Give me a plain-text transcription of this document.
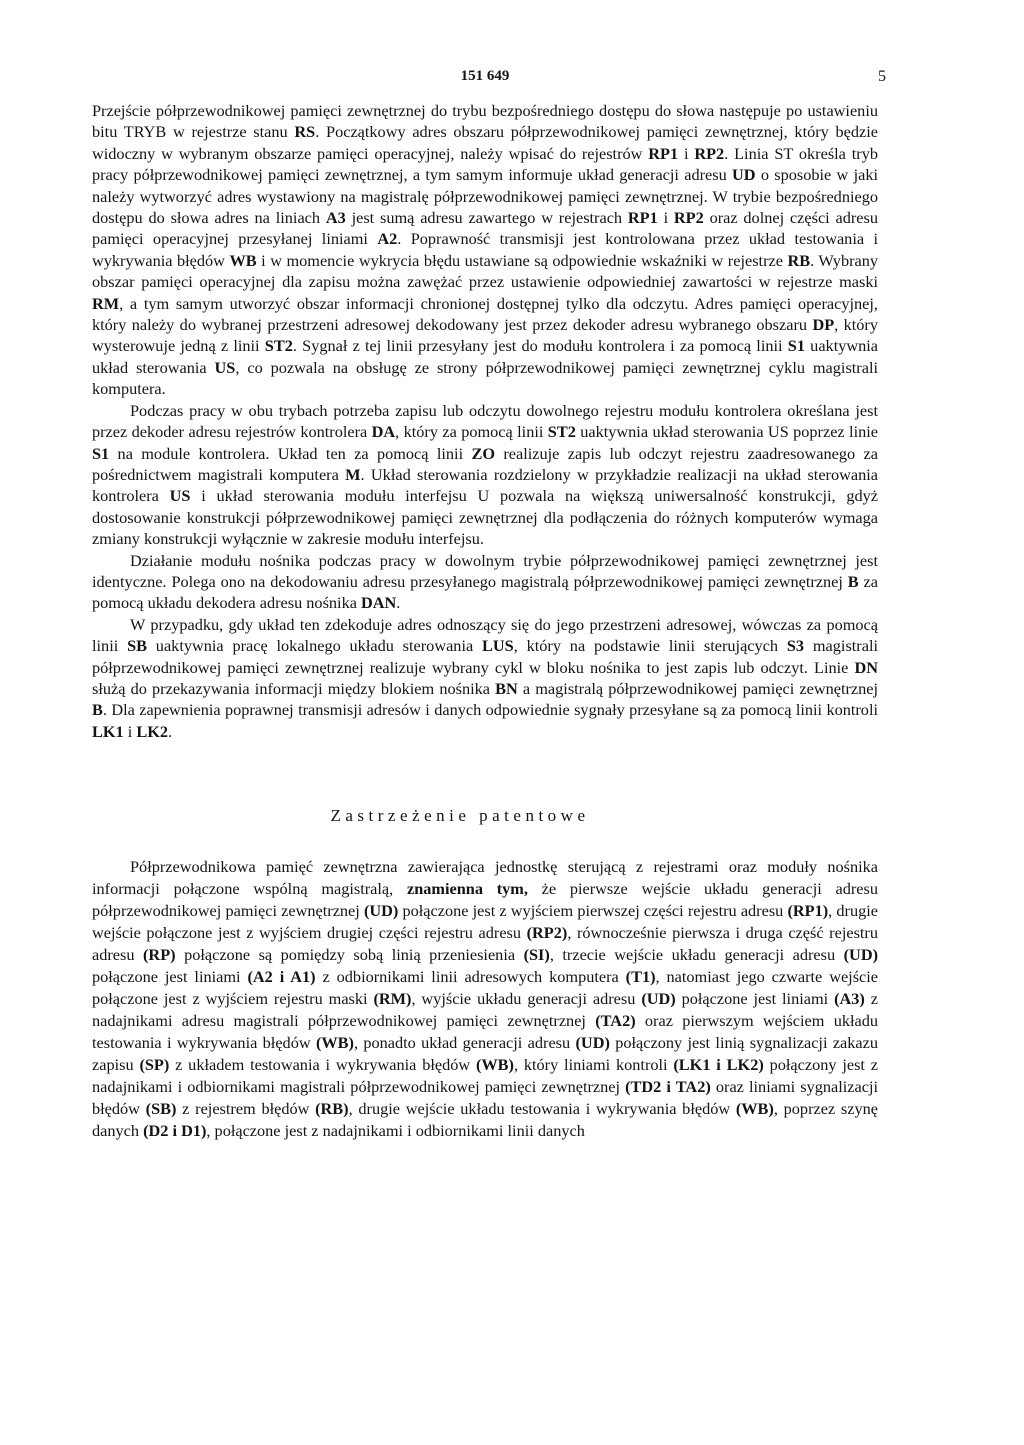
151 649	5

Przejście półprzewodnikowej pamięci zewnętrznej do trybu bezpośredniego dostępu do słowa następuje po ustawieniu bitu TRYB w rejestrze stanu RS. Początkowy adres obszaru półprzewodnikowej pamięci zewnętrznej, który będzie widoczny w wybranym obszarze pamięci operacyjnej, należy wpisać do rejestrów RP1 i RP2. Linia ST określa tryb pracy półprzewodnikowej pamięci zewnętrznej, a tym samym informuje układ generacji adresu UD o sposobie w jaki należy wytworzyć adres wystawiony na magistralę półprzewodnikowej pamięci zewnętrznej. W trybie bezpośredniego dostępu do słowa adres na liniach A3 jest sumą adresu zawartego w rejestrach RP1 i RP2 oraz dolnej części adresu pamięci operacyjnej przesyłanej liniami A2. Poprawność transmisji jest kontrolowana przez układ testowania i wykrywania błędów WB i w momencie wykrycia błędu ustawiane są odpowiednie wskaźniki w rejestrze RB. Wybrany obszar pamięci operacyjnej dla zapisu można zawężać przez ustawienie odpowiedniej zawartości w rejestrze maski RM, a tym samym utworzyć obszar informacji chronionej dostępnej tylko dla odczytu. Adres pamięci operacyjnej, który należy do wybranej przestrzeni adresowej dekodowany jest przez dekoder adresu wybranego obszaru DP, który wysterowuje jedną z linii ST2. Sygnał z tej linii przesyłany jest do modułu kontrolera i za pomocą linii S1 uaktywnia układ sterowania US, co pozwala na obsługę ze strony półprzewodnikowej pamięci zewnętrznej cyklu magistrali komputera.

Podczas pracy w obu trybach potrzeba zapisu lub odczytu dowolnego rejestru modułu kontrolera określana jest przez dekoder adresu rejestrów kontrolera DA, który za pomocą linii ST2 uaktywnia układ sterowania US poprzez linie S1 na module kontrolera. Układ ten za pomocą linii ZO realizuje zapis lub odczyt rejestru zaadresowanego za pośrednictwem magistrali komputera M. Układ sterowania rozdzielony w przykładzie realizacji na układ sterowania kontrolera US i układ sterowania modułu interfejsu U pozwala na większą uniwersalność konstrukcji, gdyż dostosowanie konstrukcji półprzewodnikowej pamięci zewnętrznej dla podłączenia do różnych komputerów wymaga zmiany konstrukcji wyłącznie w zakresie modułu interfejsu.

Działanie modułu nośnika podczas pracy w dowolnym trybie półprzewodnikowej pamięci zewnętrznej jest identyczne. Polega ono na dekodowaniu adresu przesyłanego magistralą półprzewodnikowej pamięci zewnętrznej B za pomocą układu dekodera adresu nośnika DAN.

W przypadku, gdy układ ten zdekoduje adres odnoszący się do jego przestrzeni adresowej, wówczas za pomocą linii SB uaktywnia pracę lokalnego układu sterowania LUS, który na podstawie linii sterujących S3 magistrali półprzewodnikowej pamięci zewnętrznej realizuje wybrany cykl w bloku nośnika to jest zapis lub odczyt. Linie DN służą do przekazywania informacji między blokiem nośnika BN a magistralą półprzewodnikowej pamięci zewnętrznej B. Dla zapewnienia poprawnej transmisji adresów i danych odpowiednie sygnały przesyłane są za pomocą linii kontroli LK1 i LK2.

Zastrzeżenie patentowe

Półprzewodnikowa pamięć zewnętrzna zawierająca jednostkę sterującą z rejestrami oraz moduły nośnika informacji połączone wspólną magistralą, znamienna tym, że pierwsze wejście układu generacji adresu półprzewodnikowej pamięci zewnętrznej (UD) połączone jest z wyjściem pierwszej części rejestru adresu (RP1), drugie wejście połączone jest z wyjściem drugiej części rejestru adresu (RP2), równocześnie pierwsza i druga część rejestru adresu (RP) połączone są pomiędzy sobą linią przeniesienia (SI), trzecie wejście układu generacji adresu (UD) połączone jest liniami (A2 i A1) z odbiornikami linii adresowych komputera (T1), natomiast jego czwarte wejście połączone jest z wyjściem rejestru maski (RM), wyjście układu generacji adresu (UD) połączone jest liniami (A3) z nadajnikami adresu magistrali półprzewodnikowej pamięci zewnętrznej (TA2) oraz pierwszym wejściem układu testowania i wykrywania błędów (WB), ponadto układ generacji adresu (UD) połączony jest linią sygnalizacji zakazu zapisu (SP) z układem testowania i wykrywania błędów (WB), który liniami kontroli (LK1 i LK2) połączony jest z nadajnikami i odbiornikami magistrali półprzewodnikowej pamięci zewnętrznej (TD2 i TA2) oraz liniami sygnalizacji błędów (SB) z rejestrem błędów (RB), drugie wejście układu testowania i wykrywania błędów (WB), poprzez szynę danych (D2 i D1), połączone jest z nadajnikami i odbiornikami linii danych
